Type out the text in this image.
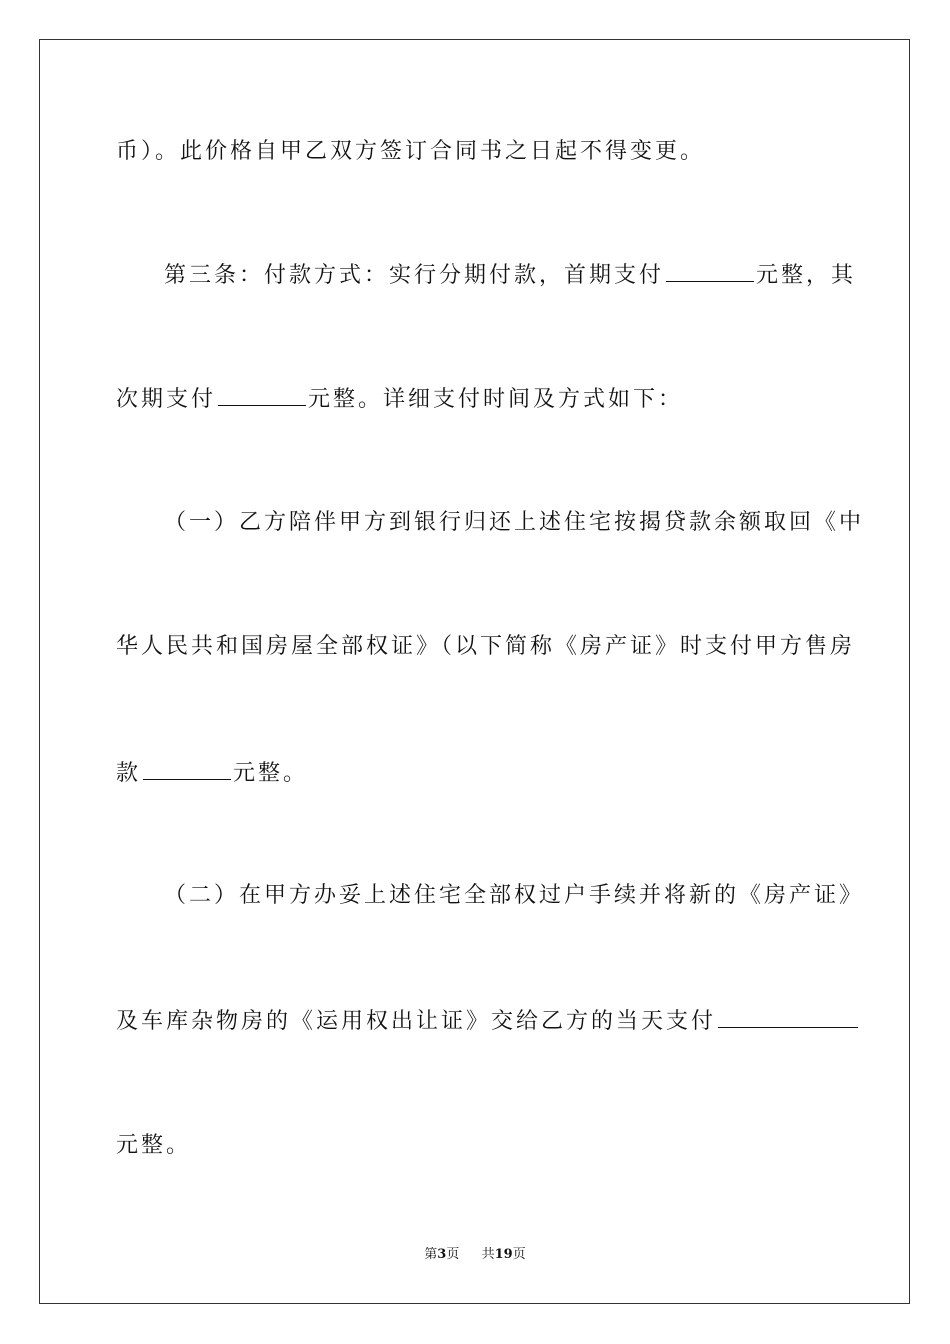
币）。此价格自甲乙双方签订合同书之日起不得变更。
第三条：付款方式：实行分期付款，首期支付	元整，其
次期支付	元整。详细支付时间及方式如下：
（一）乙方陪伴甲方到银行归还上述住宅按揭贷款余额取回《中
华人民共和国房屋全部权证》（以下简称《房产证》时支付甲方售房
款	元整。
（二）在甲方办妥上述住宅全部权过户手续并将新的《房产证》
及车库杂物房的《运用权出让证》交给乙方的当天支付
元整。
第3页 共19页
